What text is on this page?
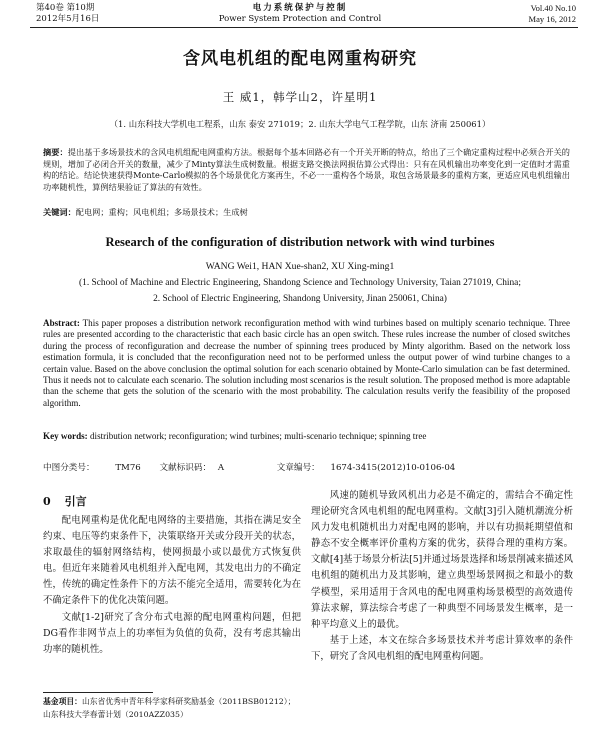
第40卷 第10期
2012年5月16日
电力系统保护与控制
Power System Protection and Control
Vol.40 No.10
May 16, 2012
含风电机组的配电网重构研究
王 威1，韩学山2，许星明1
（1. 山东科技大学机电工程系，山东 泰安 271019；2. 山东大学电气工程学院，山东 济南 250061）
摘要：提出基于多场景技术的含风电机组配电网重构方法。根据每个基本回路必有一个开关开断的特点，给出了三个确定重构过程中必须合开关的规则，增加了必闭合开关的数量，减少了Minty算法生成树数量。根据支路交换法网损估算公式得出：只有在风机输出功率变化到一定值时才需重构的结论。结论快速获得Monte-Carlo模拟的各个场景优化方案再生，不必一一重构各个场景，取包含场景最多的重构方案，更适应风电机组输出功率随机性，算例结果验证了算法的有效性。
关键词：配电网；重构；风电机组；多场景技术；生成树
Research of the configuration of distribution network with wind turbines
WANG Wei1, HAN Xue-shan2, XU Xing-ming1
(1. School of Machine and Electric Engineering, Shandong Science and Technology University, Taian 271019, China;
2. School of Electric Engineering, Shandong University, Jinan 250061, China)
Abstract: This paper proposes a distribution network reconfiguration method with wind turbines based on multiply scenario technique. Three rules are presented according to the characteristic that each basic circle has an open switch. These rules increase the number of closed switches during the process of reconfiguration and decrease the number of spinning trees produced by Minty algorithm. Based on the network loss estimation formula, it is concluded that the reconfiguration need not to be performed unless the output power of wind turbine changes to a certain value. Based on the above conclusion the optimal solution for each scenario obtained by Monte-Carlo simulation can be fast determined. Thus it needs not to calculate each scenario. The solution including most scenarios is the result solution. The proposed method is more adaptable than the scheme that gets the solution of the scenario with the most probability. The calculation results verify the feasibility of the proposed algorithm.
Key words: distribution network; reconfiguration; wind turbines; multi-scenario technique; spinning tree
中图分类号： TM76 文献标识码： A	文章编号： 1674-3415(2012)10-0106-04
0 引言

配电网重构是优化配电网络的主要措施，其指在满足安全约束、电压等约束条件下，决策联络开关或分段开关的状态，求取最佳的辐射网络结构，使网损最小或以最优方式恢复供电。但近年来随着风电机组并入配电网，其发电出力的不确定性，传统的确定性条件下的方法不能完全适用，需要转化为在不确定条件下的优化决策问题。

文献[1-2]研究了含分布式电源的配电网重构问题，但把DG看作非网节点上的功率恒为负值的负荷，没有考虑其输出功率的随机性。

风速的随机导致风机出力必是不确定的，需结合不确定性理论研究含风电机组的配电网重构。文献[3]引入随机潮流分析风力发电机随机出力对配电网的影响，并以有功损耗期望值和静态不安全概率评价重构方案的优劣，获得合理的重构方案。文献[4]基于场景分析法[5]并通过场景选择和场景削减来描述风电机组的随机出力及其影响，建立典型场景网损之和最小的数学模型，采用适用于含风电的配电网重构场景模型的高效遗传算法求解，算法综合考虑了一种典型不同场景发生概率，是一种平均意义上的最优。

基于上述，本文在综合多场景技术并考虑计算效率的条件下，研究了含风电机组的配电网重构问题。

基金项目：山东省优秀中青年科学家科研奖励基金（2011BSB01212）；山东科技大学春蕾计划（2010AZZ035）
